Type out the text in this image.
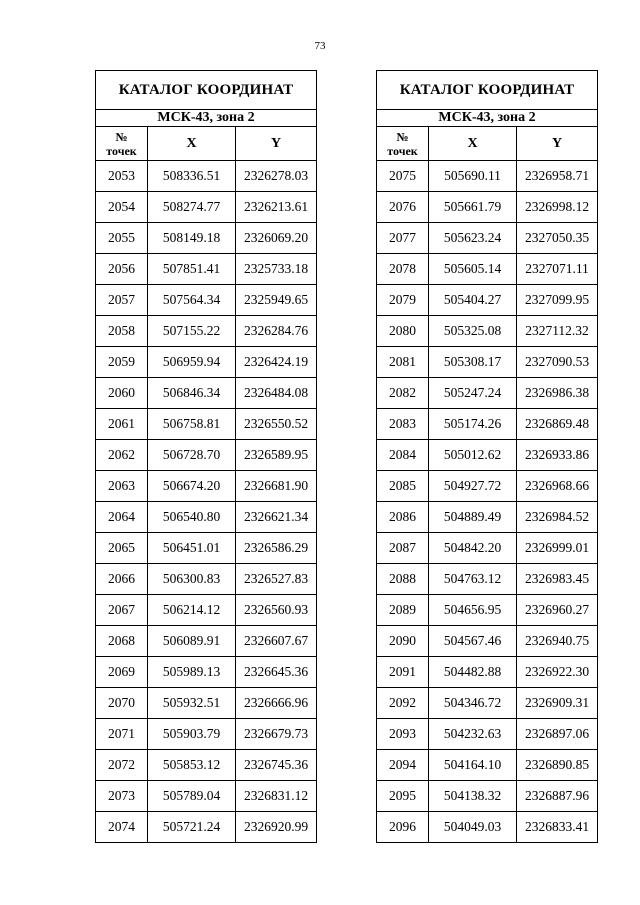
73
КАТАЛОГ КООРДИНАТ		
МСК-43, зона 2		
№
точек	X	Y
2053	508336.51	2326278.03
2054	508274.77	2326213.61
2055	508149.18	2326069.20
2056	507851.41	2325733.18
2057	507564.34	2325949.65
2058	507155.22	2326284.76
2059	506959.94	2326424.19
2060	506846.34	2326484.08
2061	506758.81	2326550.52
2062	506728.70	2326589.95
2063	506674.20	2326681.90
2064	506540.80	2326621.34
2065	506451.01	2326586.29
2066	506300.83	2326527.83
2067	506214.12	2326560.93
2068	506089.91	2326607.67
2069	505989.13	2326645.36
2070	505932.51	2326666.96
2071	505903.79	2326679.73
2072	505853.12	2326745.36
2073	505789.04	2326831.12
2074	505721.24	2326920.99
КАТАЛОГ КООРДИНАТ		
МСК-43, зона 2		
№
точек	X	Y
2075	505690.11	2326958.71
2076	505661.79	2326998.12
2077	505623.24	2327050.35
2078	505605.14	2327071.11
2079	505404.27	2327099.95
2080	505325.08	2327112.32
2081	505308.17	2327090.53
2082	505247.24	2326986.38
2083	505174.26	2326869.48
2084	505012.62	2326933.86
2085	504927.72	2326968.66
2086	504889.49	2326984.52
2087	504842.20	2326999.01
2088	504763.12	2326983.45
2089	504656.95	2326960.27
2090	504567.46	2326940.75
2091	504482.88	2326922.30
2092	504346.72	2326909.31
2093	504232.63	2326897.06
2094	504164.10	2326890.85
2095	504138.32	2326887.96
2096	504049.03	2326833.41
